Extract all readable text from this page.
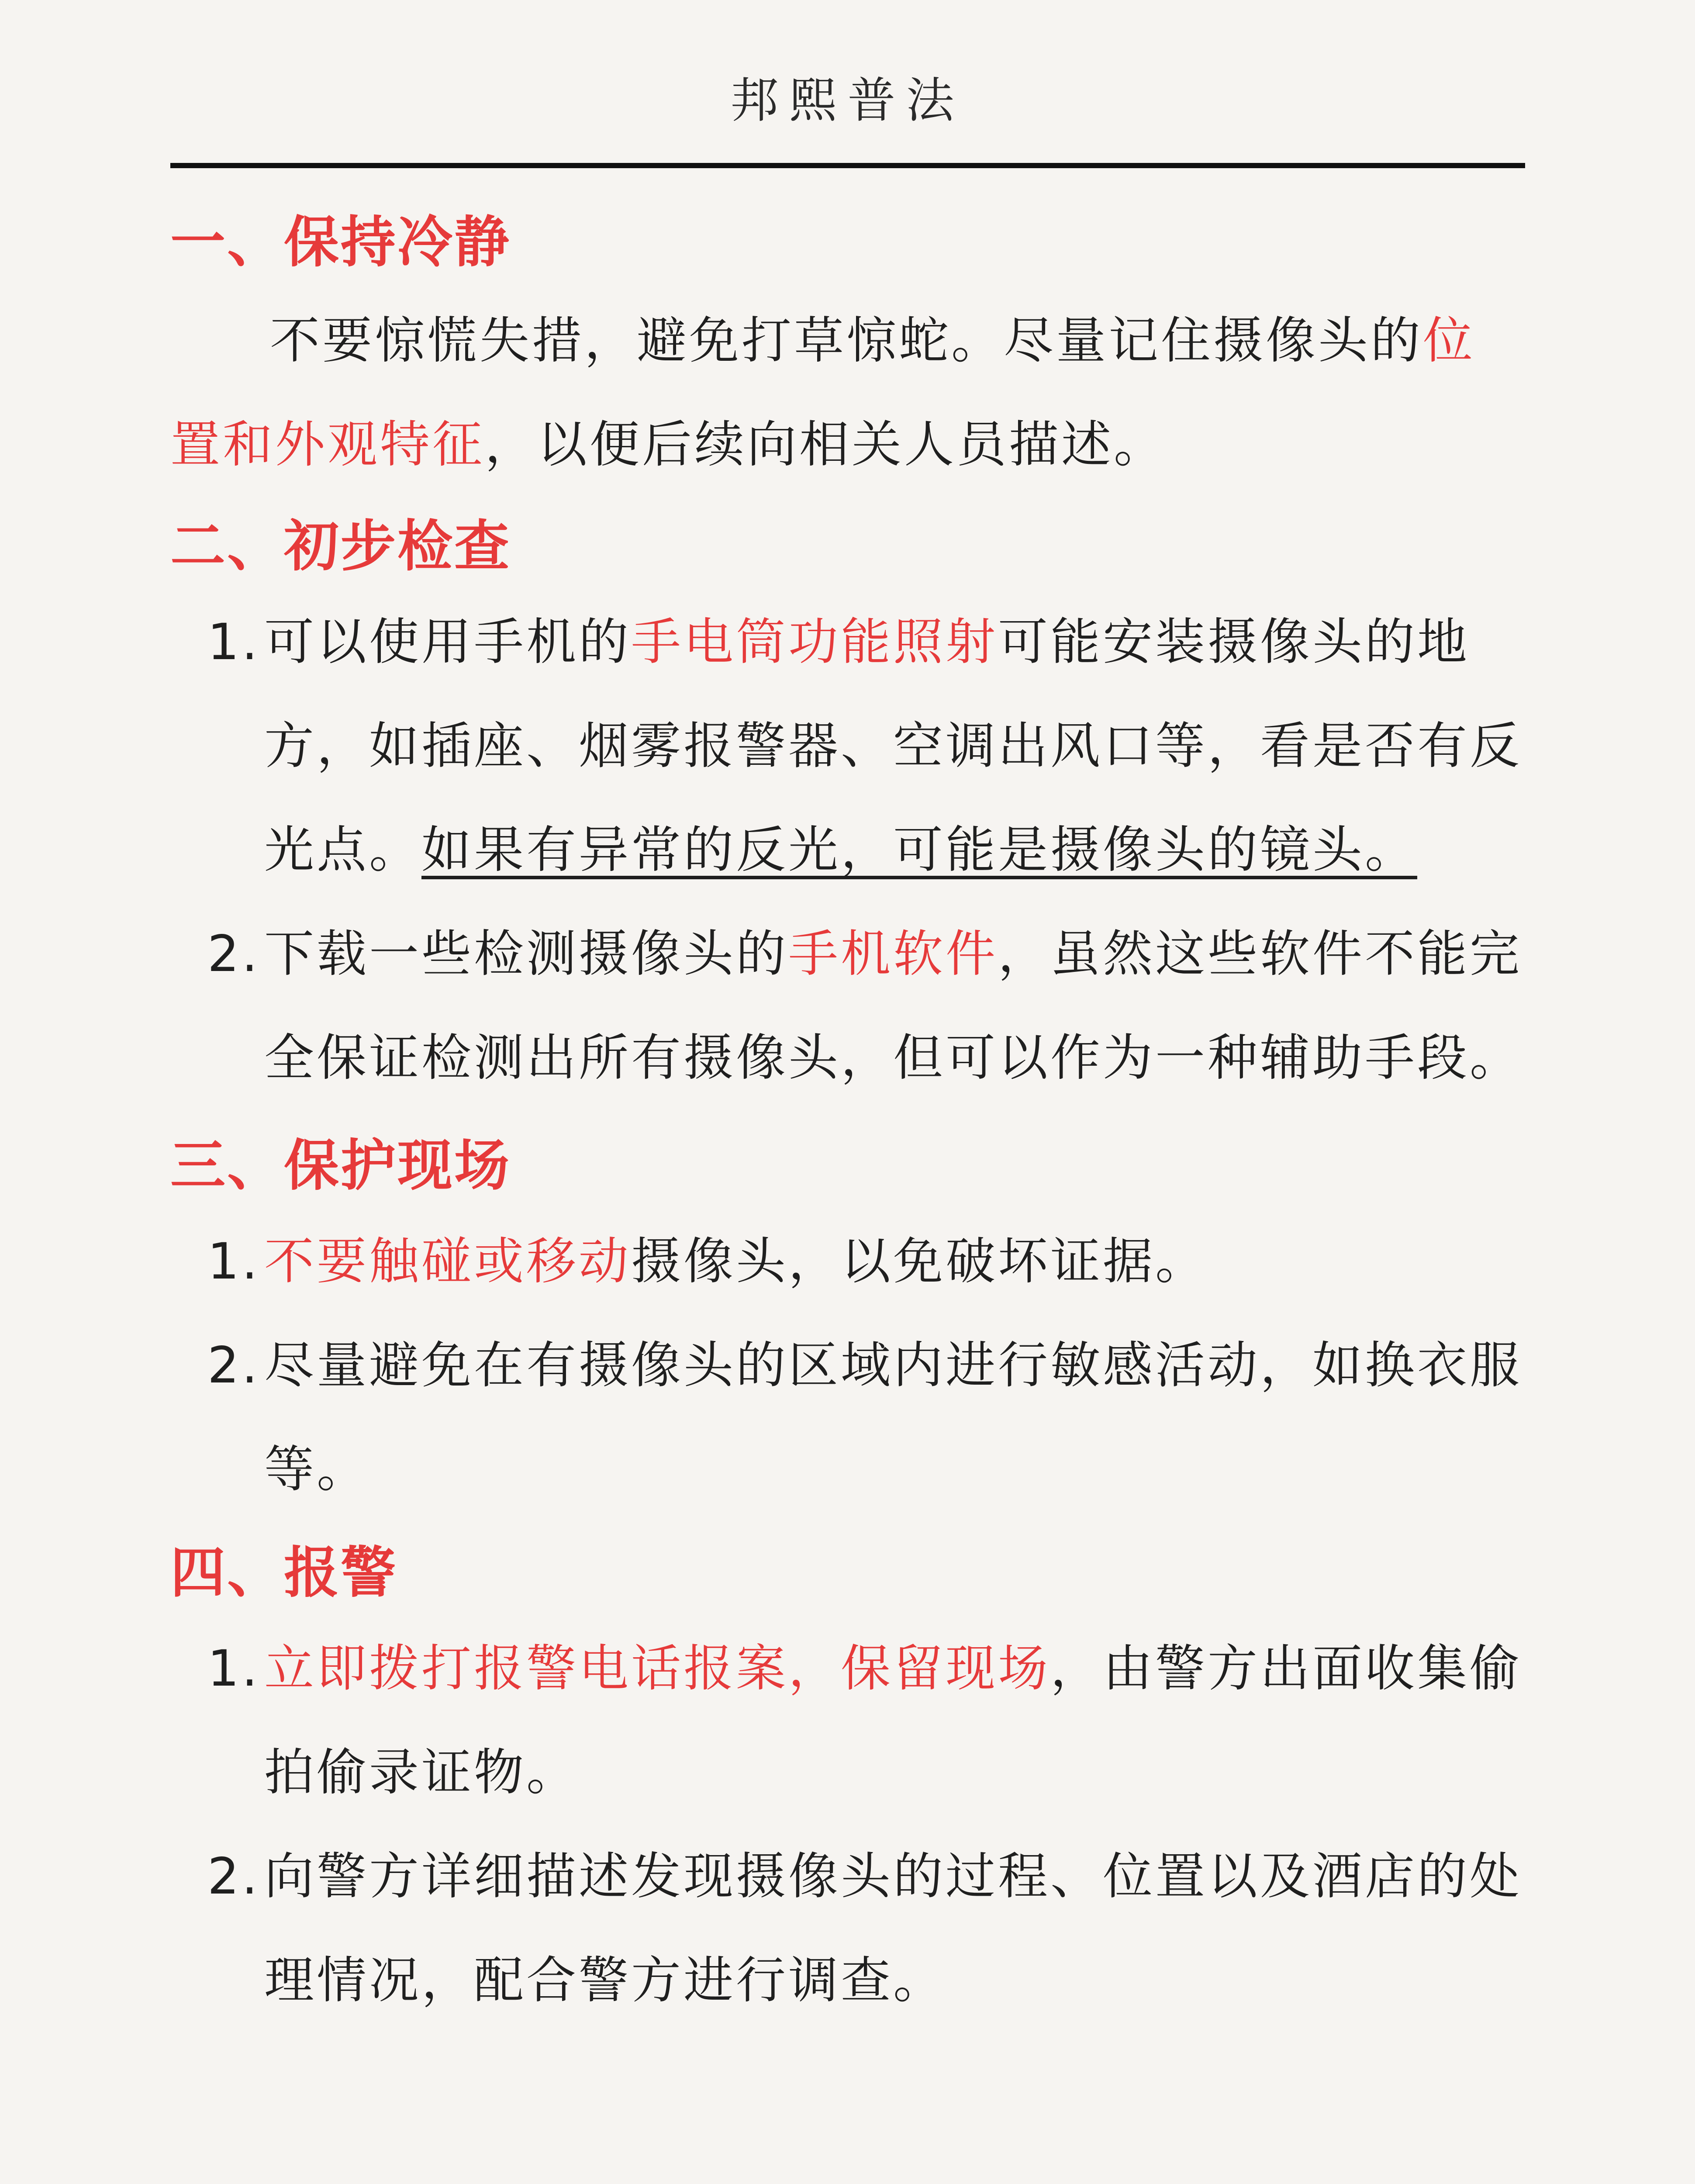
邦熙普法
一、保持冷静
不要惊慌失措，避免打草惊蛇。尽量记住摄像头的位置和外观特征，以便后续向相关人员描述。
二、初步检查
1. 可以使用手机的手电筒功能照射可能安装摄像头的地方，如插座、烟雾报警器、空调出风口等，看是否有反光点。如果有异常的反光，可能是摄像头的镜头。
2. 下载一些检测摄像头的手机软件，虽然这些软件不能完全保证检测出所有摄像头，但可以作为一种辅助手段。
三、保护现场
1. 不要触碰或移动摄像头，以免破坏证据。
2. 尽量避免在有摄像头的区域内进行敏感活动，如换衣服等。
四、报警
1. 立即拨打报警电话报案，保留现场，由警方出面收集偷拍偷录证物。
2. 向警方详细描述发现摄像头的过程、位置以及酒店的处理情况，配合警方进行调查。
